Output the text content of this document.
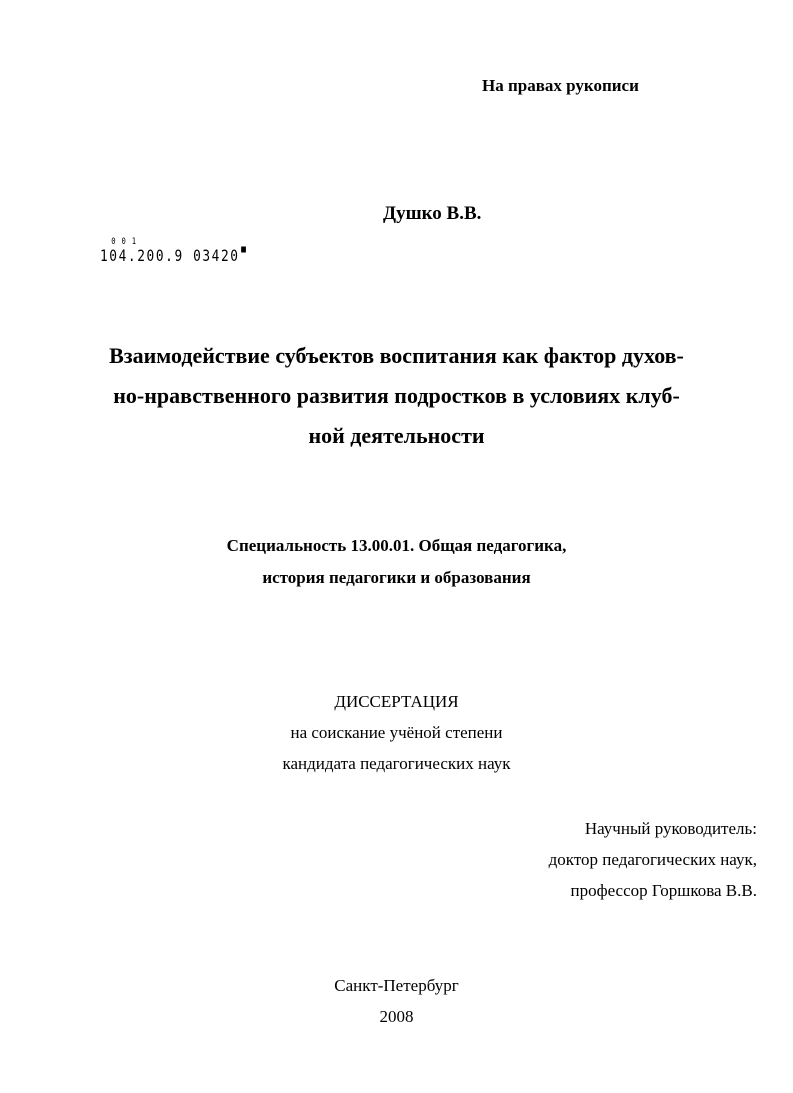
На правах рукописи
Душко В.В.
0 0 1
104.200.9 03420 ■
Взаимодействие субъектов воспитания как фактор духов-
но-нравственного развития подростков в условиях клуб-
ной деятельности
Специальность 13.00.01. Общая педагогика,
история педагогики и образования
ДИССЕРТАЦИЯ
на соискание учёной степени
кандидата педагогических наук
Научный руководитель:
доктор педагогических наук,
профессор Горшкова В.В.
Санкт-Петербург
2008
